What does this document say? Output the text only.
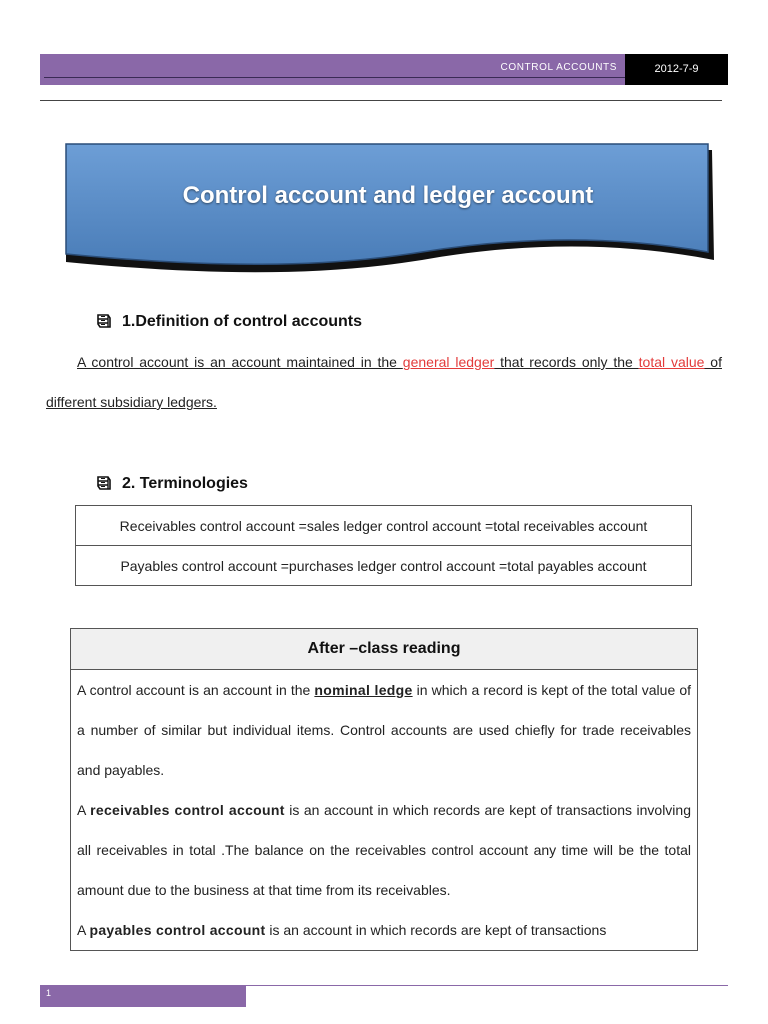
CONTROL ACCOUNTS	2012-7-9
Control account and ledger account
1.Definition of control accounts
A control account is an account maintained in the general ledger that records only the total value of different subsidiary ledgers.
2. Terminologies
Receivables control account =sales ledger control account =total receivables account
Payables control account =purchases ledger control account =total payables account
After –class reading
A control account is an account in the nominal ledge in which a record is kept of the total value of a number of similar but individual items. Control accounts are used chiefly for trade receivables and payables.
A receivables control account is an account in which records are kept of transactions involving all receivables in total .The balance on the receivables control account any time will be the total amount due to the business at that time from its receivables.
A payables control account is an account in which records are kept of transactions
1
